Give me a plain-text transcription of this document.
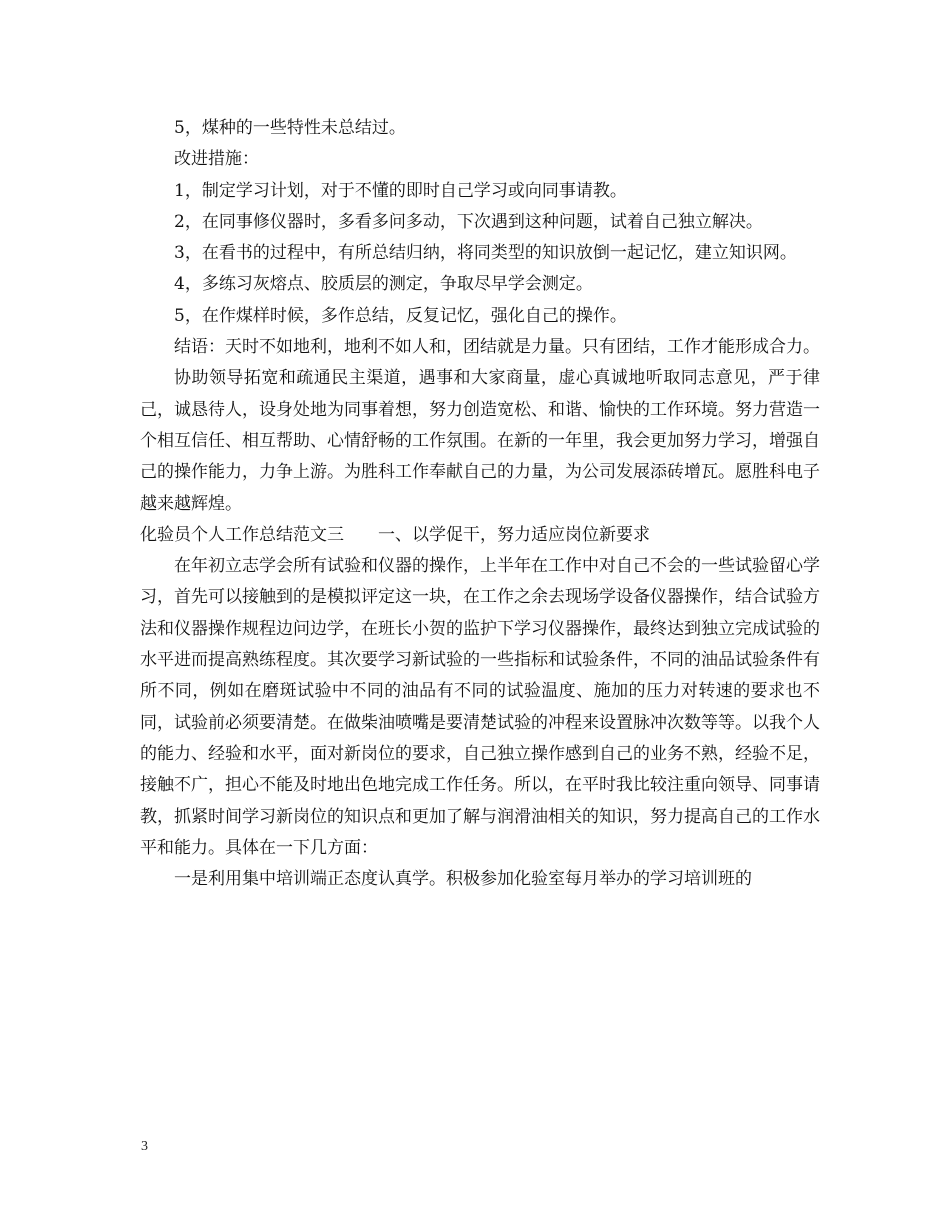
5，煤种的一些特性未总结过。

改进措施：

1，制定学习计划，对于不懂的即时自己学习或向同事请教。

2，在同事修仪器时，多看多问多动，下次遇到这种问题，试着自己独立解决。

3，在看书的过程中，有所总结归纳，将同类型的知识放倒一起记忆，建立知识网。

4，多练习灰熔点、胶质层的测定，争取尽早学会测定。

5，在作煤样时候，多作总结，反复记忆，强化自己的操作。

结语：天时不如地利，地利不如人和，团结就是力量。只有团结，工作才能形成合力。

协助领导拓宽和疏通民主渠道，遇事和大家商量，虚心真诚地听取同志意见，严于律己，诚恳待人，设身处地为同事着想，努力创造宽松、和谐、愉快的工作环境。努力营造一个相互信任、相互帮助、心情舒畅的工作氛围。在新的一年里，我会更加努力学习，增强自己的操作能力，力争上游。为胜科工作奉献自己的力量，为公司发展添砖增瓦。愿胜科电子越来越辉煌。

化验员个人工作总结范文三　　一、以学促干，努力适应岗位新要求

在年初立志学会所有试验和仪器的操作，上半年在工作中对自己不会的一些试验留心学习，首先可以接触到的是模拟评定这一块，在工作之余去现场学设备仪器操作，结合试验方法和仪器操作规程边问边学，在班长小贺的监护下学习仪器操作，最终达到独立完成试验的水平进而提高熟练程度。其次要学习新试验的一些指标和试验条件，不同的油品试验条件有所不同，例如在磨斑试验中不同的油品有不同的试验温度、施加的压力对转速的要求也不同，试验前必须要清楚。在做柴油喷嘴是要清楚试验的冲程来设置脉冲次数等等。以我个人的能力、经验和水平，面对新岗位的要求，自己独立操作感到自己的业务不熟，经验不足，接触不广，担心不能及时地出色地完成工作任务。所以，在平时我比较注重向领导、同事请教，抓紧时间学习新岗位的知识点和更加了解与润滑油相关的知识，努力提高自己的工作水平和能力。具体在一下几方面：

一是利用集中培训端正态度认真学。积极参加化验室每月举办的学习培训班的

3
